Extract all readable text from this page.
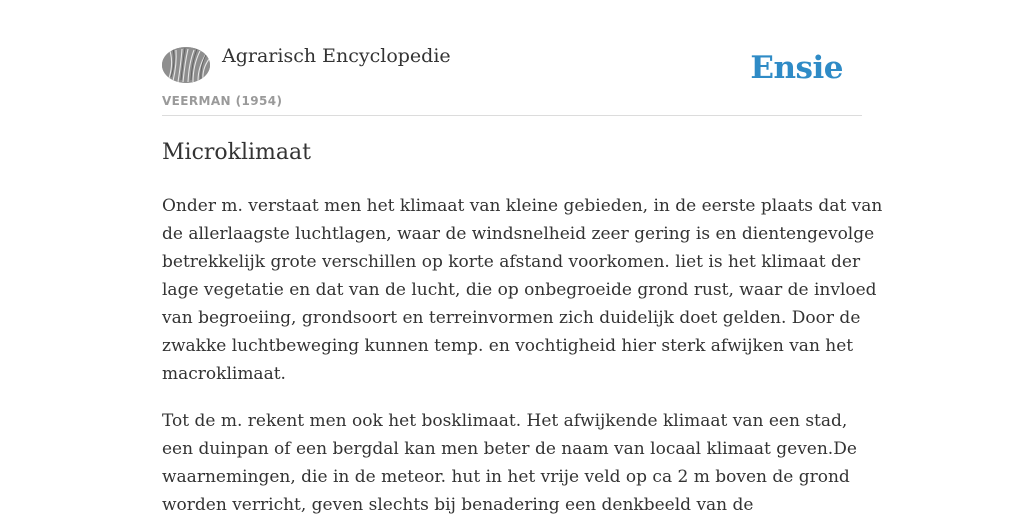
Agrarisch Encyclopedie
VEERMAN (1954)
Ensie
Microklimaat

Onder m. verstaat men het klimaat van kleine gebieden, in de eerste plaats dat van
de allerlaagste luchtlagen, waar de windsnelheid zeer gering is en dientengevolge
betrekkelijk grote verschillen op korte afstand voorkomen. liet is het klimaat der
lage vegetatie en dat van de lucht, die op onbegroeide grond rust, waar de invloed
van begroeiing, grondsoort en terreinvormen zich duidelijk doet gelden. Door de
zwakke luchtbeweging kunnen temp. en vochtigheid hier sterk afwijken van het
macroklimaat.

Tot de m. rekent men ook het bosklimaat. Het afwijkende klimaat van een stad,
een duinpan of een bergdal kan men beter de naam van locaal klimaat geven.De
waarnemingen, die in de meteor. hut in het vrije veld op ca 2 m boven de grond
worden verricht, geven slechts bij benadering een denkbeeld van de
